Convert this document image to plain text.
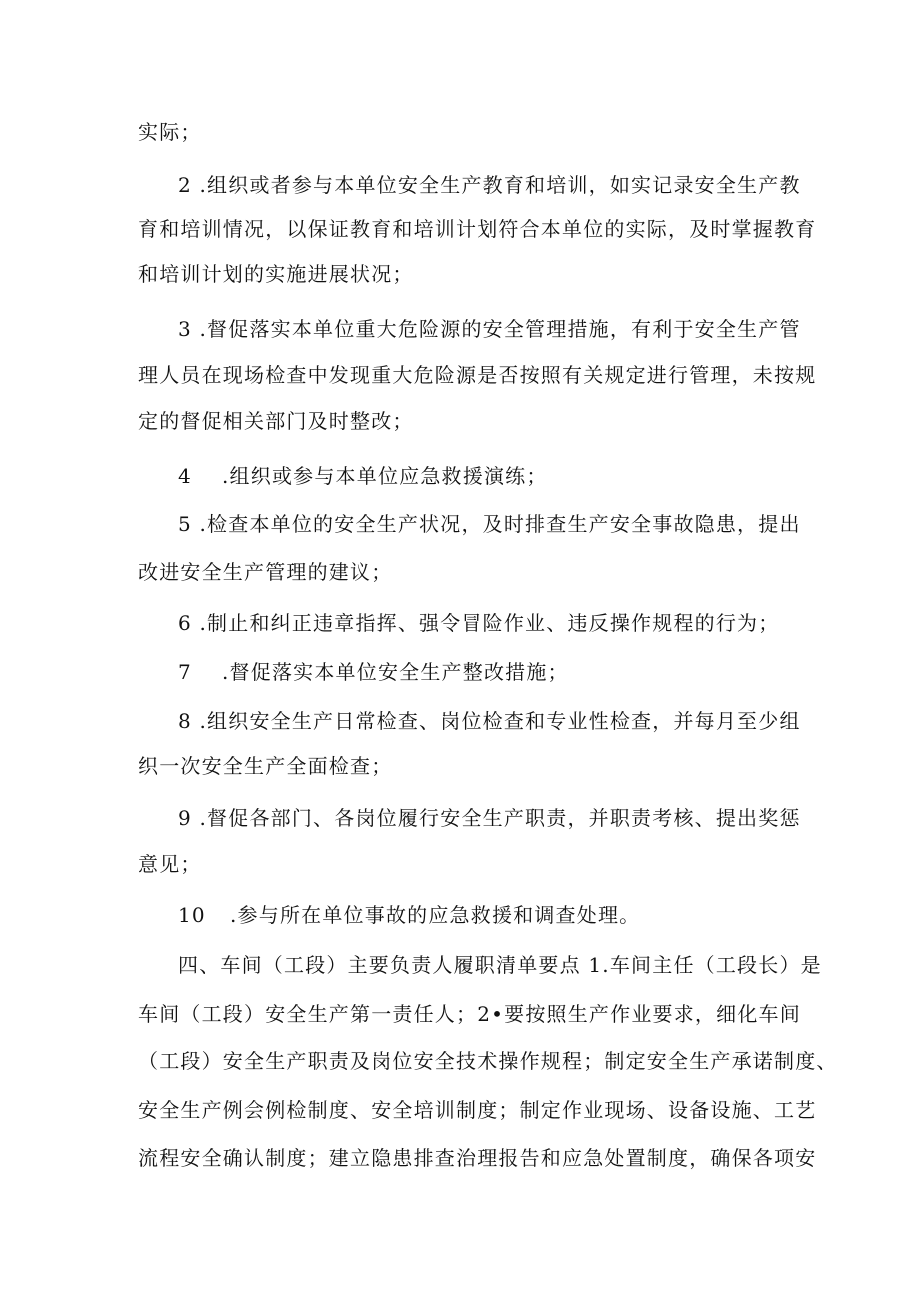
实际；
2 .组织或者参与本单位安全生产教育和培训，如实记录安全生产教
育和培训情况，以保证教育和培训计划符合本单位的实际，及时掌握教育
和培训计划的实施进展状况；
3 .督促落实本单位重大危险源的安全管理措施，有利于安全生产管
理人员在现场检查中发现重大危险源是否按照有关规定进行管理，未按规
定的督促相关部门及时整改；
4 .组织或参与本单位应急救援演练；
5 .检查本单位的安全生产状况，及时排查生产安全事故隐患，提出
改进安全生产管理的建议；
6 .制止和纠正违章指挥、强令冒险作业、违反操作规程的行为；
7 .督促落实本单位安全生产整改措施；
8 .组织安全生产日常检查、岗位检查和专业性检查，并每月至少组
织一次安全生产全面检查；
9 .督促各部门、各岗位履行安全生产职责，并职责考核、提出奖惩
意见；
10 .参与所在单位事故的应急救援和调查处理。
四、车间（工段）主要负责人履职清单要点 1.车间主任（工段长）是
车间（工段）安全生产第一责任人；2•要按照生产作业要求，细化车间
（工段）安全生产职责及岗位安全技术操作规程；制定安全生产承诺制度、
安全生产例会例检制度、安全培训制度；制定作业现场、设备设施、工艺
流程安全确认制度；建立隐患排查治理报告和应急处置制度，确保各项安
